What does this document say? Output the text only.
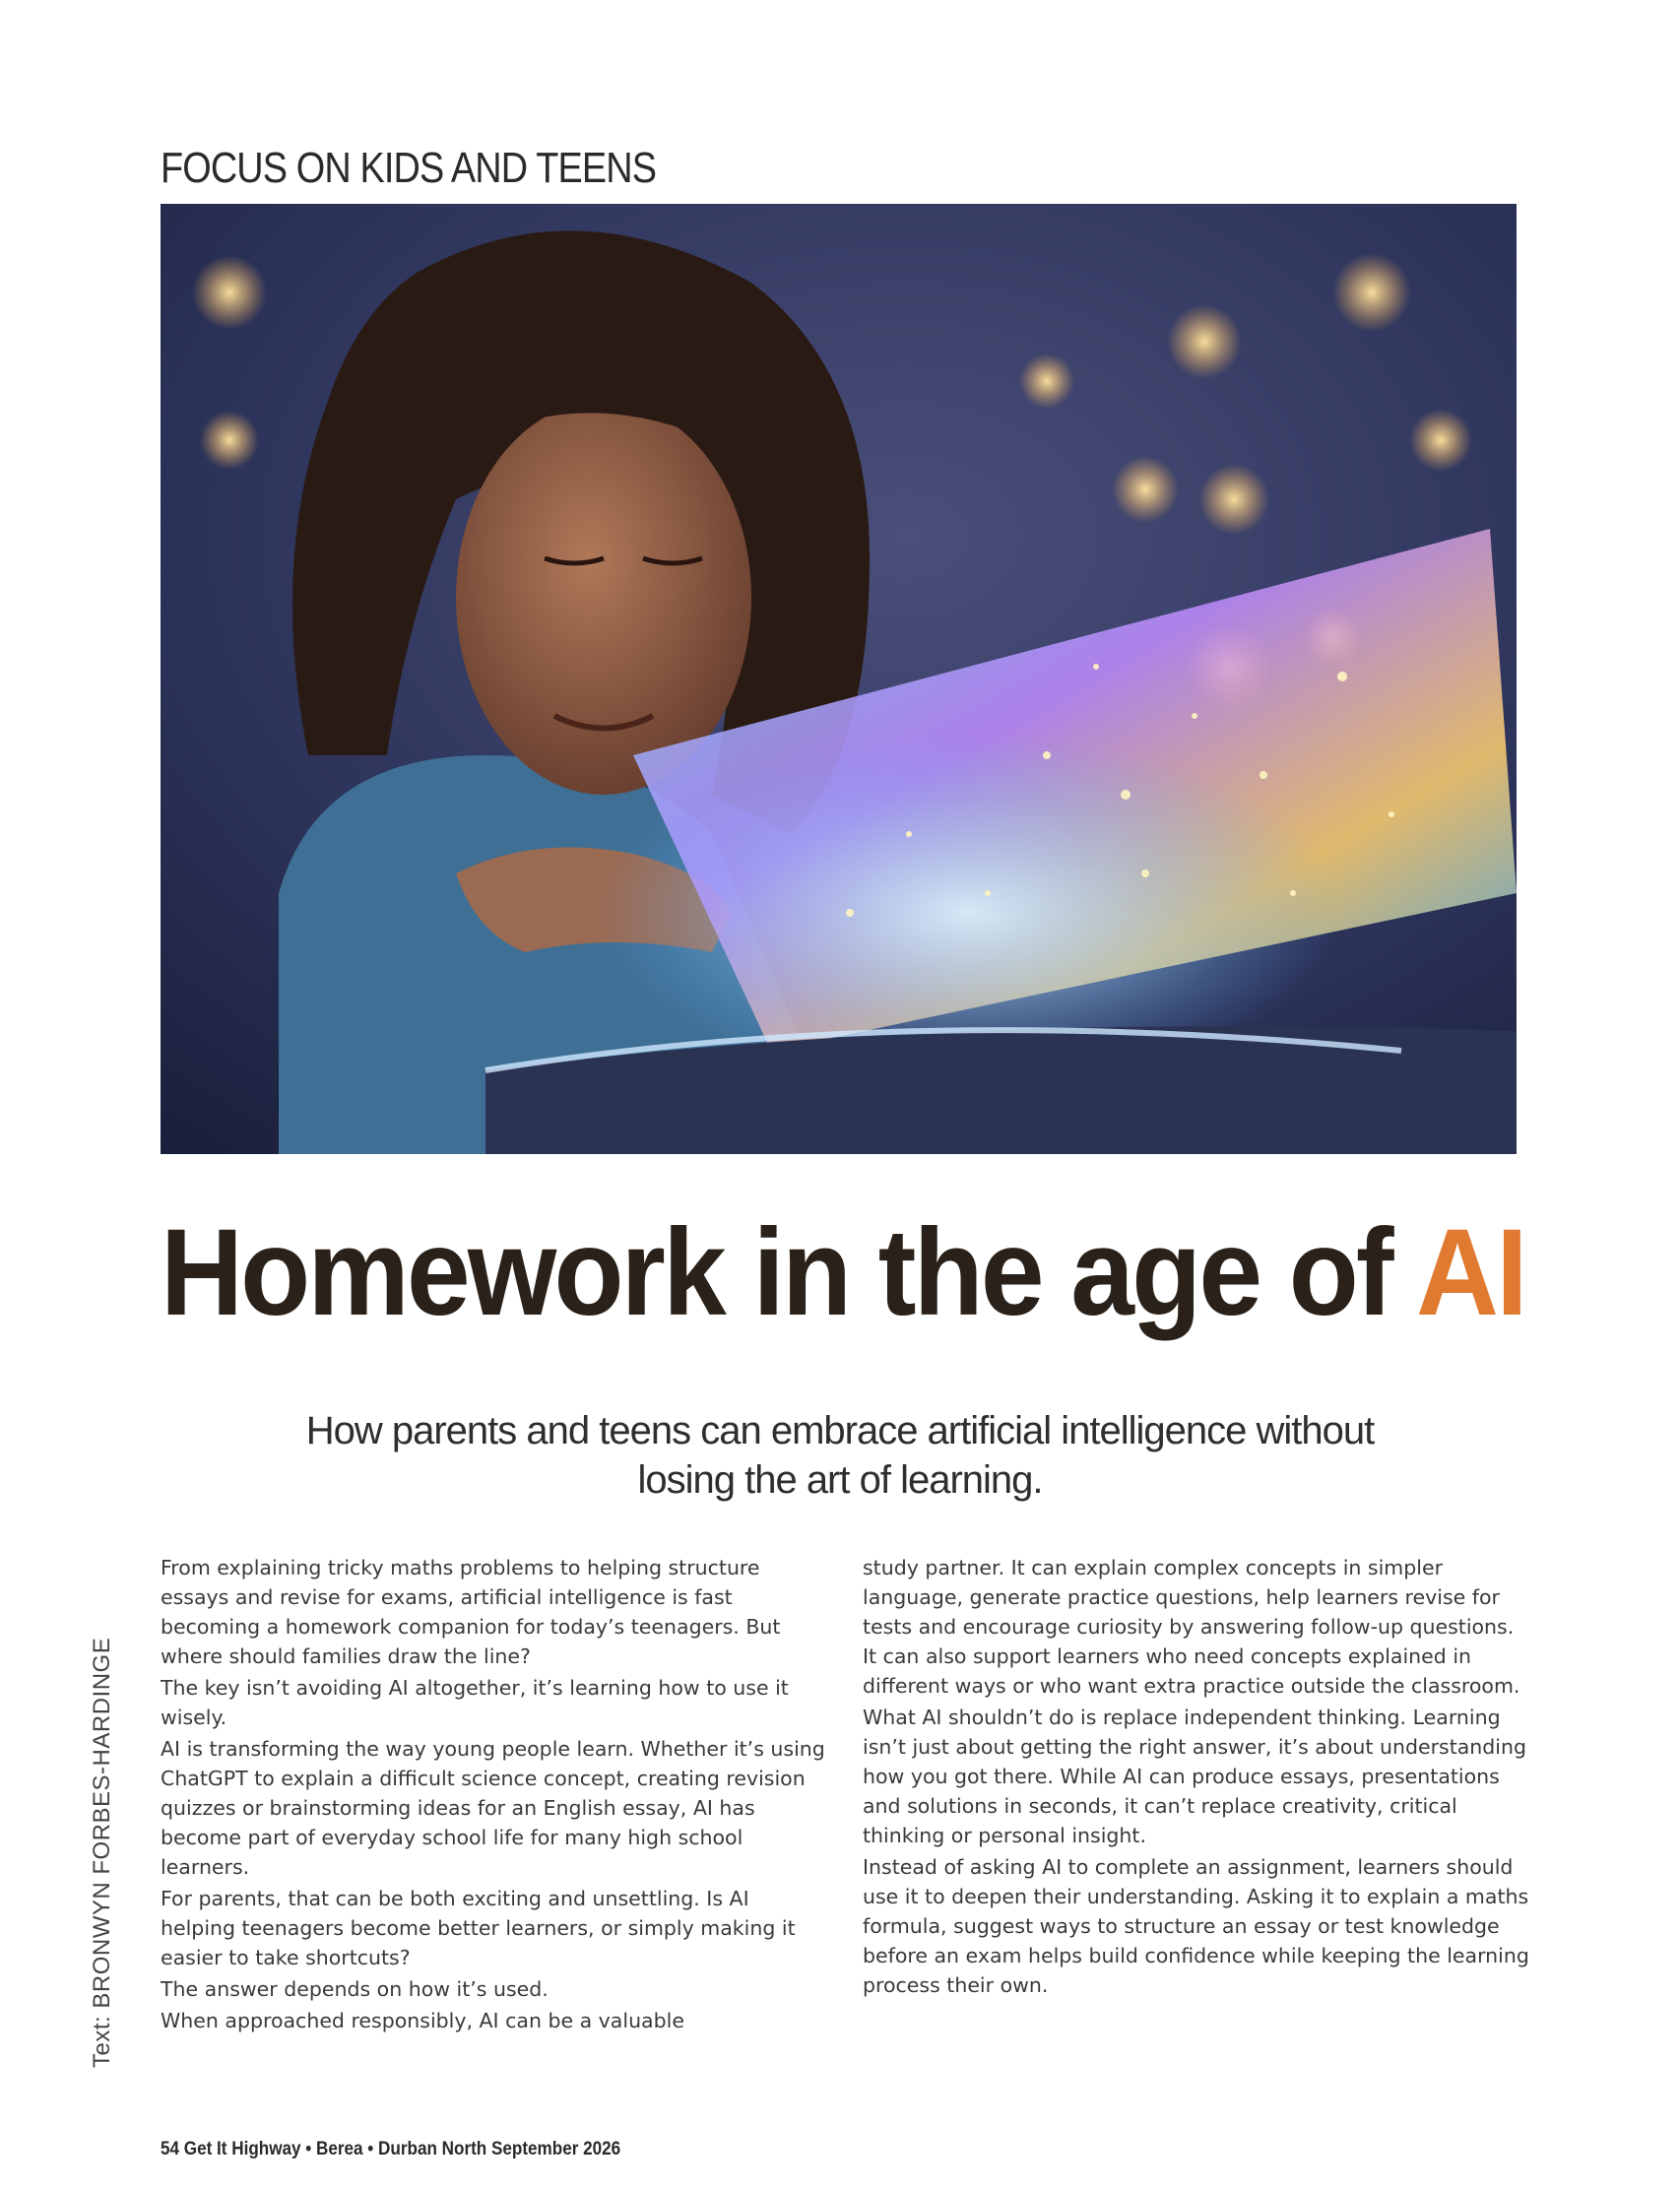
FOCUS ON KIDS AND TEENS
Homework in the age of AI
How parents and teens can embrace artificial intelligence without
losing the art of learning.
Text: BRONWYN FORBES-HARDINGE

From explaining tricky maths problems to helping structure essays and revise for exams, artificial intelligence is fast becoming a homework companion for today’s teenagers. But where should families draw the line?

The key isn’t avoiding AI altogether, it’s learning how to use it wisely.

AI is transforming the way young people learn. Whether it’s using ChatGPT to explain a difficult science concept, creating revision quizzes or brainstorming ideas for an English essay, AI has become part of everyday school life for many high school learners.

For parents, that can be both exciting and unsettling. Is AI helping teenagers become better learners, or simply making it easier to take shortcuts?

The answer depends on how it’s used.

When approached responsibly, AI can be a valuable

study partner. It can explain complex concepts in simpler language, generate practice questions, help learners revise for tests and encourage curiosity by answering follow-up questions. It can also support learners who need concepts explained in different ways or who want extra practice outside the classroom.

What AI shouldn’t do is replace independent thinking. Learning isn’t just about getting the right answer, it’s about understanding how you got there. While AI can produce essays, presentations and solutions in seconds, it can’t replace creativity, critical thinking or personal insight.

Instead of asking AI to complete an assignment, learners should use it to deepen their understanding. Asking it to explain a maths formula, suggest ways to structure an essay or test knowledge before an exam helps build confidence while keeping the learning process their own.

54 Get It Highway • Berea • Durban North September 2026
